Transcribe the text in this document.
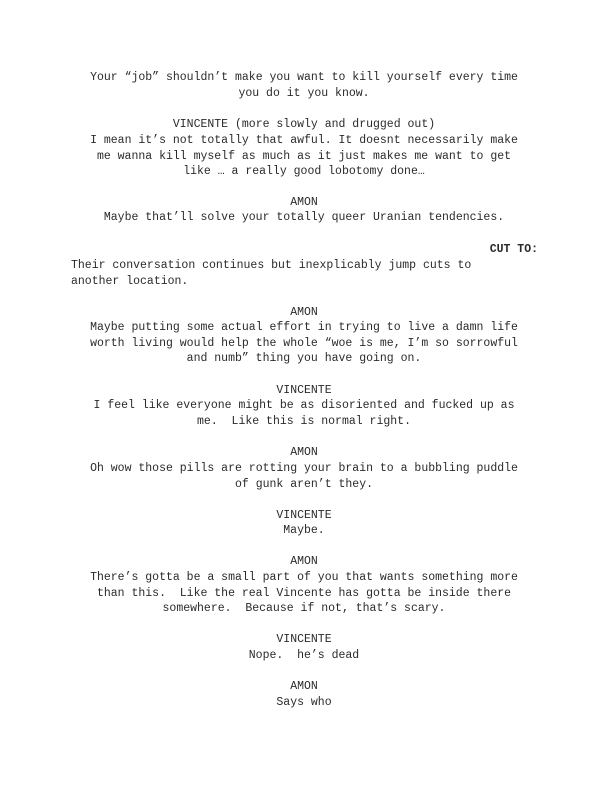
Your “job” shouldn’t make you want to kill yourself every time
you do it you know.
VINCENTE (more slowly and drugged out)
I mean it’s not totally that awful. It doesnt necessarily make
me wanna kill myself as much as it just makes me want to get
like … a really good lobotomy done…
AMON
Maybe that’ll solve your totally queer Uranian tendencies.
CUT TO:
Their conversation continues but inexplicably jump cuts to
another location.
AMON
Maybe putting some actual effort in trying to live a damn life
worth living would help the whole “woe is me, I’m so sorrowful
and numb” thing you have going on.
VINCENTE
I feel like everyone might be as disoriented and fucked up as
me.  Like this is normal right.
AMON
Oh wow those pills are rotting your brain to a bubbling puddle
of gunk aren’t they.
VINCENTE
Maybe.
AMON
There’s gotta be a small part of you that wants something more
than this.  Like the real Vincente has gotta be inside there
somewhere.  Because if not, that’s scary.
VINCENTE
Nope.  he’s dead
AMON
Says who
